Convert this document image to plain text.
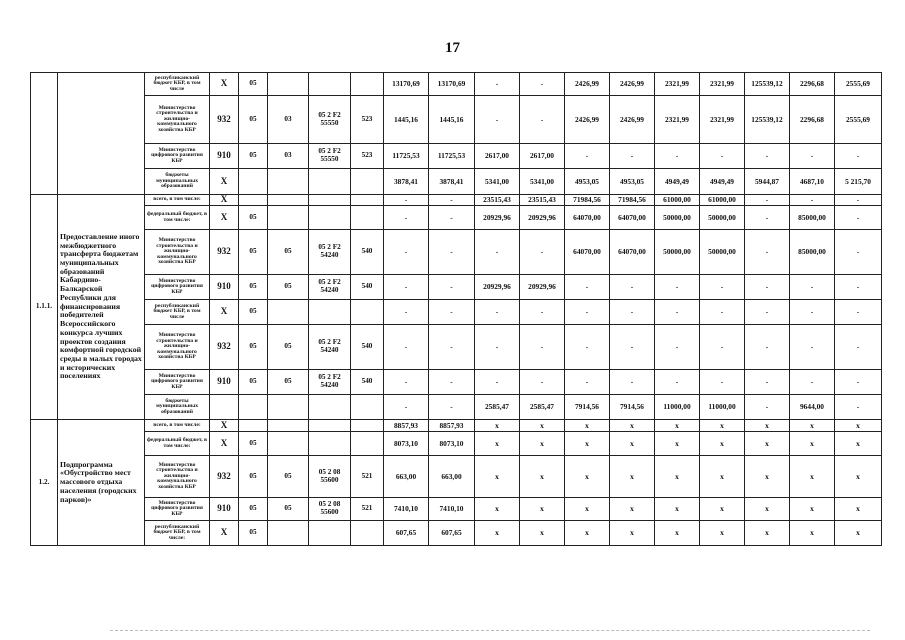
17
		республиканский бюджет КБР, в том числе	Х	05				13170,69	13170,69	-	-	2426,99	2426,99	2321,99	2321,99	125539,12	2296,68	2555,69
		Министерство строительства и жилищно-коммунального хозяйства КБР	932	05	03	05 2 F2 55550	523	1445,16	1445,16	-	-	2426,99	2426,99	2321,99	2321,99	125539,12	2296,68	2555,69
		Министерство цифрового развития КБР	910	05	03	05 2 F2 55550	523	11725,53	11725,53	2617,00	2617,00	-	-	-	-	-	-	-
		бюджеты муниципальных образований	Х					3878,41	3878,41	5341,00	5341,00	4953,05	4953,05	4949,49	4949,49	5944,87	4687,10	5 215,70
1.1.1.	Предоставление иного межбюджетного трансферта бюджетам муниципальных образований Кабардино-Балкарской Республики для финансирования победителей Всероссийского конкурса лучших проектов создания комфортной городской среды в малых городах и исторических поселениях	всего, в том числе:	Х					-	-	23515,43	23515,43	71984,56	71984,56	61000,00	61000,00	-	-	-
		федеральный бюджет, в том числе:	Х	05				-	-	20929,96	20929,96	64070,00	64070,00	50000,00	50000,00	-	85000,00	-
		Министерство строительства и жилищно-коммунального хозяйства КБР	932	05	05	05 2 F2 54240	540	-	-	-	-	64070,00	64070,00	50000,00	50000,00	-	85000,00	-
		Министерство цифрового развития КБР	910	05	05	05 2 F2 54240	540	-	-	20929,96	20929,96	-	-	-	-	-	-	-
		республиканский бюджет КБР, в том числе	Х	05				-	-	-	-	-	-	-	-	-	-	-
		Министерство строительства и жилищно-коммунального хозяйства КБР	932	05	05	05 2 F2 54240	540	-	-	-	-	-	-	-	-	-	-	-
		Министерство цифрового развития КБР	910	05	05	05 2 F2 54240	540	-	-	-	-	-	-	-	-	-	-	-
		бюджеты муниципальных образований						-	-	2585,47	2585,47	7914,56	7914,56	11000,00	11000,00	-	9644,00	-
1.2.	Подпрограмма «Обустройство мест массового отдыха населения (городских парков)»	всего, в том числе:	Х					8857,93	8857,93	х	х	х	х	х	х	х	х	х
		федеральный бюджет, в том числе:	Х	05				8073,10	8073,10	х	х	х	х	х	х	х	х	х
		Министерство строительства и жилищно-коммунального хозяйства КБР	932	05	05	05 2 08 55600	521	663,00	663,00	х	х	х	х	х	х	х	х	х
		Министерство цифрового развития КБР	910	05	05	05 2 08 55600	521	7410,10	7410,10	х	х	х	х	х	х	х	х	х
		республиканский бюджет КБР, в том числе:	Х	05				607,65	607,65	х	х	х	х	х	х	х	х	х
